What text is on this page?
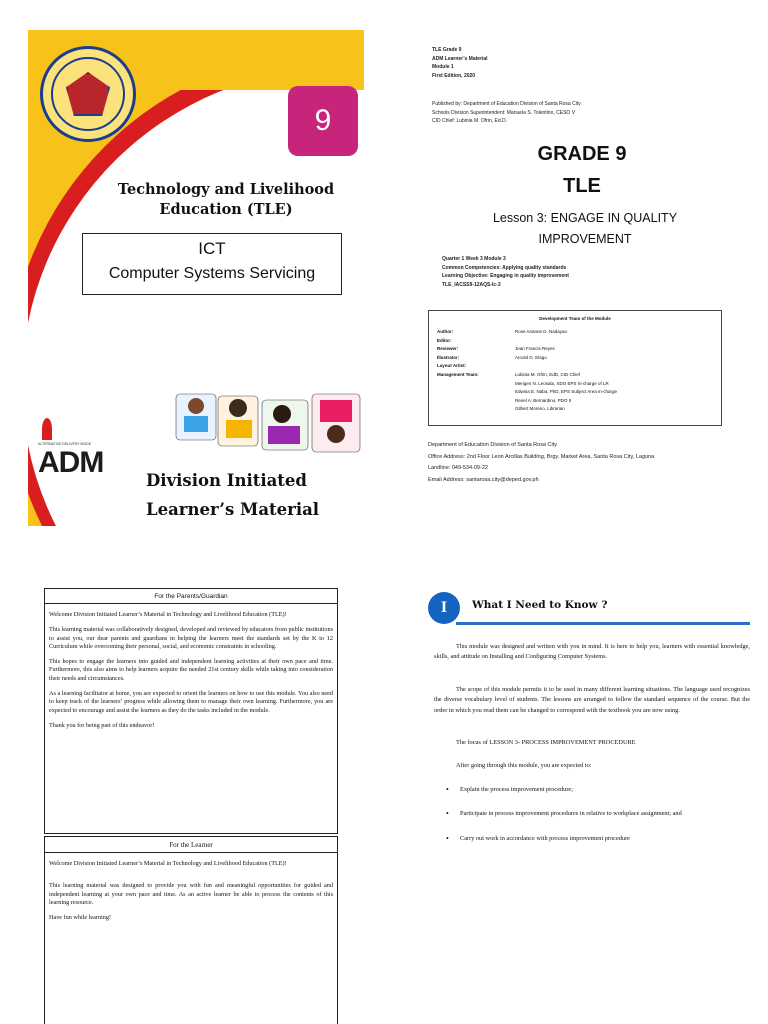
9
Technology and Livelihood
Education (TLE)
ICT
Computer Systems Servicing
ALTERNATIVE DELIVERY MODE
ADM
Division Initiated
Learner’s Material
TLE Grade 9
ADM Learner’s Material
Module 1
First Edition, 2020
Published by: Department of Education Division of Santa Rosa City
Schools Division Superintendent: Manuela S. Tolentino, CESO V
CID Chief: Lubinia M. Ofrin, Ed.D.
GRADE 9
TLE
Lesson 3: ENGAGE IN QUALITY
IMPROVEMENT
Quarter 1 Week 3 Module 3
Common Competencies: Applying quality standards
Learning Objective: Engaging in quality improvement
TLE_IACSS9-12AQS-Ic-3
Development Team of the Module
Author:	Rose Arianne D. Nadayao
Editor:
Reviewer:	Jean Francis Reyes
Illustrator:	Arnold G. Elago
Layout Artist:
Management Team:	Lubinia M. Ofrin, EdD, CID Chief
Merigen N. Leosala, SDO EPS In-charge of LR
Edwina E. Naba, PhD, EPS Subject Area In-charge
Renel A. Bernardino, PDO II
Gilbert Moreno, Librarian
Department of Education Division of Santa Rosa City
Office Address: 2nd Floor Leon Arcillas Building, Brgy. Market Area, Santa Rosa City, Laguna
Landline: 049-534-09-22
Email Address: santarosa.city@deped.gov.ph
For the Parents/Guardian

Welcome Division Initiated Learner’s Material in Technology and Livelihood Education (TLE)!

This learning material was collaboratively designed, developed and reviewed by educators from public institutions to assist you, our dear parents and guardians in helping the learners meet the standards set by the K to 12 Curriculum while overcoming their personal, social, and economic constraints in schooling.

This hopes to engage the learners into guided and independent learning activities at their own pace and time. Furthermore, this also aims to help learners acquire the needed 21st century skills while taking into consideration their needs and circumstances.

As a learning facilitator at home, you are expected to orient the learners on how to use this module. You also need to keep track of the learners’ progress while allowing them to manage their own learning. Furthermore, you are expected to encourage and assist the learners as they do the tasks included in the module.

Thank you for being part of this endeavor!

For the Learner

Welcome Division Initiated Learner’s Material in Technology and Livelihood Education (TLE)!

This learning material was designed to provide you with fun and meaningful opportunities for guided and independent learning at your own pace and time. As an active learner be able to process the contents of this learning resource.

Have fun while learning!

I	What I Need to Know ?

This module was designed and written with you in mind. It is here to help you, learners with essential knowledge, skills, and attitude on Installing and Configuring Computer Systems.

The scope of this module permits it to be used in many different learning situations. The language used recognizes the diverse vocabulary level of students. The lessons are arranged to follow the standard sequence of the course. But the order in which you read them can be changed to correspond with the textbook you are now using.

The focus of LESSON 3- PROCESS IMPROVEMENT PROCEDURE

After going through this module, you are expected to:

• Explain the process improvement procedure;
• Participate in process improvement procedures in relative to workplace assignment; and
• Carry out work in accordance with process improvement procedure
